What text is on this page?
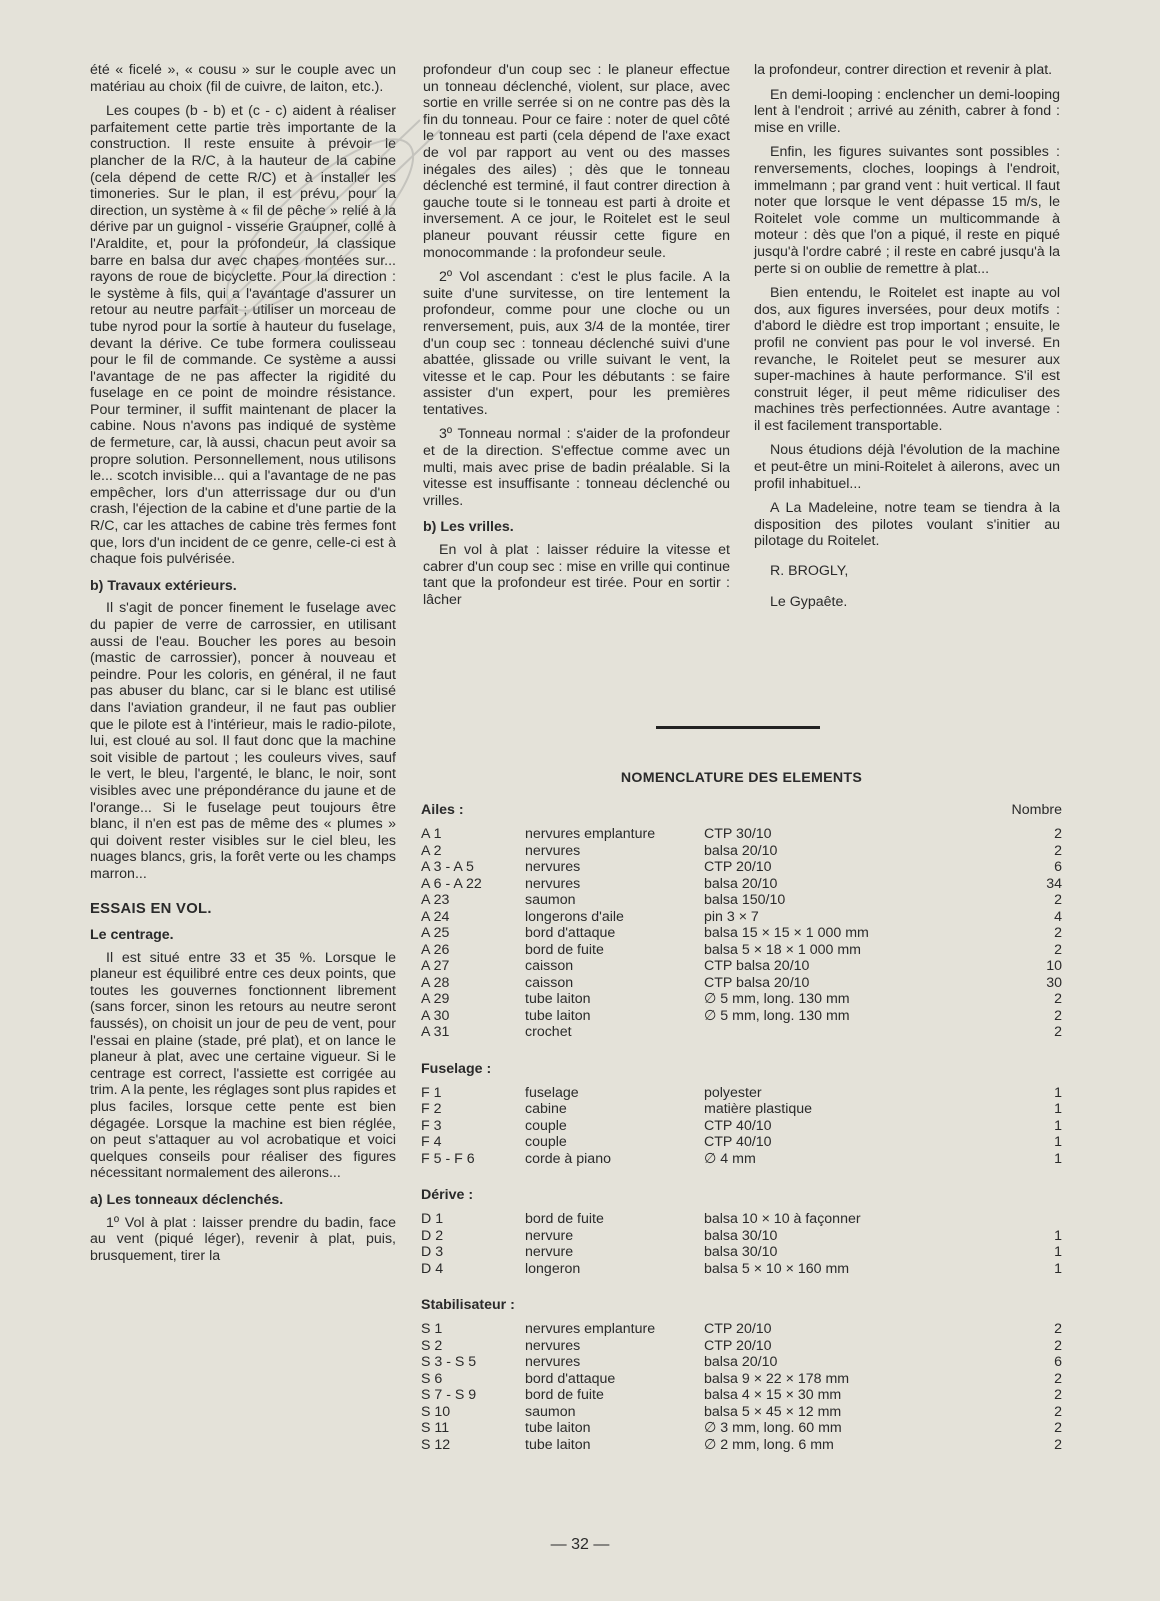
été « ficelé », « cousu » sur le couple avec un matériau au choix (fil de cuivre, de laiton, etc.).

Les coupes (b - b) et (c - c) aident à réaliser parfaitement cette partie très importante de la construction. Il reste ensuite à prévoir le plancher de la R/C, à la hauteur de la cabine (cela dépend de cette R/C) et à installer les timoneries. Sur le plan, il est prévu, pour la direction, un système à « fil de pêche » relié à la dérive par un guignol - visserie Graupner, collé à l'Araldite, et, pour la profondeur, la classique barre en balsa dur avec chapes montées sur... rayons de roue de bicyclette. Pour la direction : le système à fils, qui a l'avantage d'assurer un retour au neutre parfait ; utiliser un morceau de tube nyrod pour la sortie à hauteur du fuselage, devant la dérive. Ce tube formera coulisseau pour le fil de commande. Ce système a aussi l'avantage de ne pas affecter la rigidité du fuselage en ce point de moindre résistance. Pour terminer, il suffit maintenant de placer la cabine. Nous n'avons pas indiqué de système de fermeture, car, là aussi, chacun peut avoir sa propre solution. Personnellement, nous utilisons le... scotch invisible... qui a l'avantage de ne pas empêcher, lors d'un atterrissage dur ou d'un crash, l'éjection de la cabine et d'une partie de la R/C, car les attaches de cabine très fermes font que, lors d'un incident de ce genre, celle-ci est à chaque fois pulvérisée.

b) Travaux extérieurs.

Il s'agit de poncer finement le fuselage avec du papier de verre de carrossier, en utilisant aussi de l'eau. Boucher les pores au besoin (mastic de carrossier), poncer à nouveau et peindre. Pour les coloris, en général, il ne faut pas abuser du blanc, car si le blanc est utilisé dans l'aviation grandeur, il ne faut pas oublier que le pilote est à l'intérieur, mais le radio-pilote, lui, est cloué au sol. Il faut donc que la machine soit visible de partout ; les couleurs vives, sauf le vert, le bleu, l'argenté, le blanc, le noir, sont visibles avec une prépondérance du jaune et de l'orange... Si le fuselage peut toujours être blanc, il n'en est pas de même des « plumes » qui doivent rester visibles sur le ciel bleu, les nuages blancs, gris, la forêt verte ou les champs marron...

ESSAIS EN VOL.
Le centrage.

Il est situé entre 33 et 35 %. Lorsque le planeur est équilibré entre ces deux points, que toutes les gouvernes fonctionnent librement (sans forcer, sinon les retours au neutre seront faussés), on choisit un jour de peu de vent, pour l'essai en plaine (stade, pré plat), et on lance le planeur à plat, avec une certaine vigueur. Si le centrage est correct, l'assiette est corrigée au trim. A la pente, les réglages sont plus rapides et plus faciles, lorsque cette pente est bien dégagée. Lorsque la machine est bien réglée, on peut s'attaquer au vol acrobatique et voici quelques conseils pour réaliser des figures nécessitant normalement des ailerons...

a) Les tonneaux déclenchés.

1º Vol à plat : laisser prendre du badin, face au vent (piqué léger), revenir à plat, puis, brusquement, tirer la

profondeur d'un coup sec : le planeur effectue un tonneau déclenché, violent, sur place, avec sortie en vrille serrée si on ne contre pas dès la fin du tonneau. Pour ce faire : noter de quel côté le tonneau est parti (cela dépend de l'axe exact de vol par rapport au vent ou des masses inégales des ailes) ; dès que le tonneau déclenché est terminé, il faut contrer direction à gauche toute si le tonneau est parti à droite et inversement. A ce jour, le Roitelet est le seul planeur pouvant réussir cette figure en monocommande : la profondeur seule.

2º Vol ascendant : c'est le plus facile. A la suite d'une survitesse, on tire lentement la profondeur, comme pour une cloche ou un renversement, puis, aux 3/4 de la montée, tirer d'un coup sec : tonneau déclenché suivi d'une abattée, glissade ou vrille suivant le vent, la vitesse et le cap. Pour les débutants : se faire assister d'un expert, pour les premières tentatives.

3º Tonneau normal : s'aider de la profondeur et de la direction. S'effectue comme avec un multi, mais avec prise de badin préalable. Si la vitesse est insuffisante : tonneau déclenché ou vrilles.

b) Les vrilles.

En vol à plat : laisser réduire la vitesse et cabrer d'un coup sec : mise en vrille qui continue tant que la profondeur est tirée. Pour en sortir : lâcher

la profondeur, contrer direction et revenir à plat.

En demi-looping : enclencher un demi-looping lent à l'endroit ; arrivé au zénith, cabrer à fond : mise en vrille.

Enfin, les figures suivantes sont possibles : renversements, cloches, loopings à l'endroit, immelmann ; par grand vent : huit vertical. Il faut noter que lorsque le vent dépasse 15 m/s, le Roitelet vole comme un multicommande à moteur : dès que l'on a piqué, il reste en piqué jusqu'à l'ordre cabré ; il reste en cabré jusqu'à la perte si on oublie de remettre à plat...

Bien entendu, le Roitelet est inapte au vol dos, aux figures inversées, pour deux motifs : d'abord le dièdre est trop important ; ensuite, le profil ne convient pas pour le vol inversé. En revanche, le Roitelet peut se mesurer aux super-machines à haute performance. S'il est construit léger, il peut même ridiculiser des machines très perfectionnées. Autre avantage : il est facilement transportable.

Nous étudions déjà l'évolution de la machine et peut-être un mini-Roitelet à ailerons, avec un profil inhabituel...

A La Madeleine, notre team se tiendra à la disposition des pilotes voulant s'initier au pilotage du Roitelet.

R. BROGLY,

Le Gypaête.

NOMENCLATURE DES ELEMENTS
Ailes :	Nombre
A 1	nervures emplanture	CTP 30/10	2
A 2	nervures	balsa 20/10	2
A 3 - A 5	nervures	CTP 20/10	6
A 6 - A 22	nervures	balsa 20/10	34
A 23	saumon	balsa 150/10	2
A 24	longerons d'aile	pin 3 × 7	4
A 25	bord d'attaque	balsa 15 × 15 × 1 000 mm	2
A 26	bord de fuite	balsa 5 × 18 × 1 000 mm	2
A 27	caisson	CTP balsa 20/10	10
A 28	caisson	CTP balsa 20/10	30
A 29	tube laiton	∅ 5 mm, long. 130 mm	2
A 30	tube laiton	∅ 5 mm, long. 130 mm	2
A 31	crochet		2
Fuselage :
F 1	fuselage	polyester	1
F 2	cabine	matière plastique	1
F 3	couple	CTP 40/10	1
F 4	couple	CTP 40/10	1
F 5 - F 6	corde à piano	∅ 4 mm	1
Dérive :
D 1	bord de fuite	balsa 10 × 10 à façonner	
D 2	nervure	balsa 30/10	1
D 3	nervure	balsa 30/10	1
D 4	longeron	balsa 5 × 10 × 160 mm	1
Stabilisateur :
S 1	nervures emplanture	CTP 20/10	2
S 2	nervures	CTP 20/10	2
S 3 - S 5	nervures	balsa 20/10	6
S 6	bord d'attaque	balsa 9 × 22 × 178 mm	2
S 7 - S 9	bord de fuite	balsa 4 × 15 × 30 mm	2
S 10	saumon	balsa 5 × 45 × 12 mm	2
S 11	tube laiton	∅ 3 mm, long. 60 mm	2
S 12	tube laiton	∅ 2 mm, long. 6 mm	2
— 32 —
